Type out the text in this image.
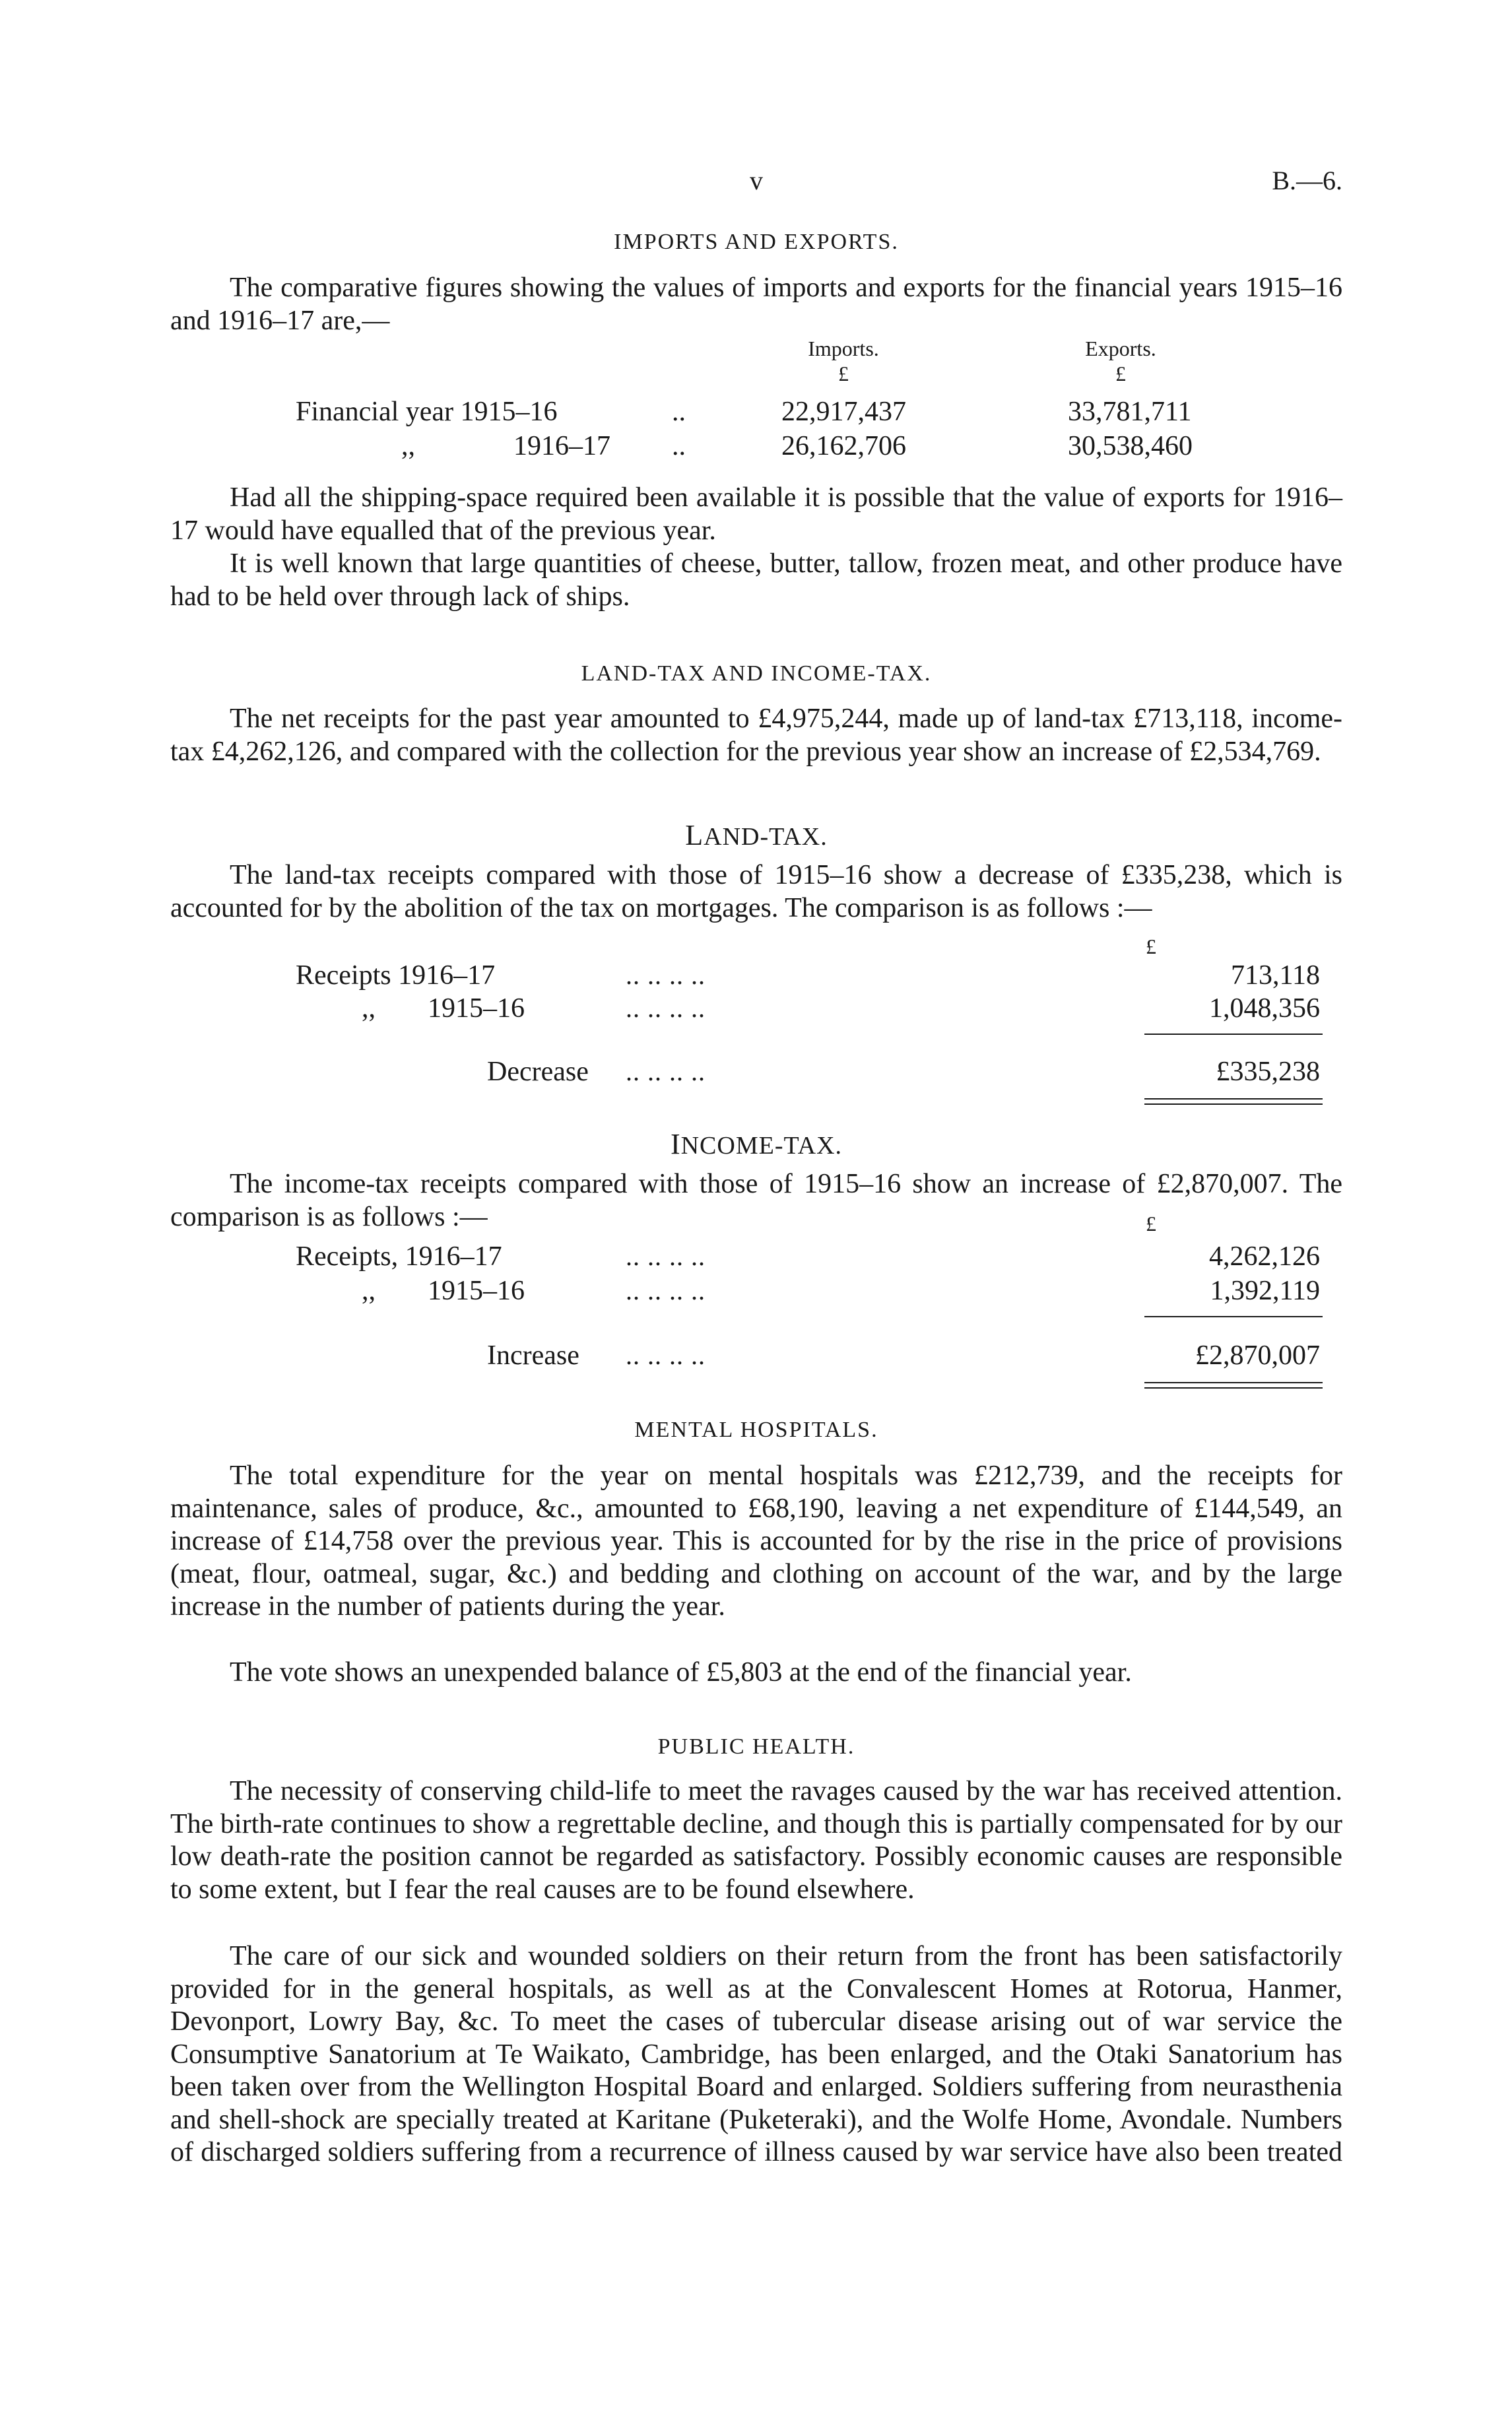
v	B.—6.
IMPORTS AND EXPORTS.
The comparative figures showing the values of imports and exports for the financial years 1915–16 and 1916–17 are,—
Imports.	Exports.
£	£
Financial year 1915–16	..	22,917,437	33,781,711
,,	1916–17 ..	26,162,706	30,538,460
Had all the shipping-space required been available it is possible that the value of exports for 1916–17 would have equalled that of the previous year.
It is well known that large quantities of cheese, butter, tallow, frozen meat, and other produce have had to be held over through lack of ships.
LAND-TAX AND INCOME-TAX.
The net receipts for the past year amounted to £4,975,244, made up of land-tax £713,118, income-tax £4,262,126, and compared with the collection for the previous year show an increase of £2,534,769.
LAND-TAX.
The land-tax receipts compared with those of 1915–16 show a decrease of £335,238, which is accounted for by the abolition of the tax on mortgages. The comparison is as follows :—
£
Receipts 1916–17	.. .. .. ..	713,118
,, 1915–16	.. .. .. ..	1,048,356
Decrease .. .. .. ..	£335,238
INCOME-TAX.
The income-tax receipts compared with those of 1915–16 show an increase of £2,870,007. The comparison is as follows :—	£
Receipts, 1916–17	.. .. .. ..	4,262,126
,, 1915–16	.. .. .. ..	1,392,119
Increase .. .. .. ..	£2,870,007
MENTAL HOSPITALS.
The total expenditure for the year on mental hospitals was £212,739, and the receipts for maintenance, sales of produce, &c., amounted to £68,190, leaving a net expenditure of £144,549, an increase of £14,758 over the previous year. This is accounted for by the rise in the price of provisions (meat, flour, oatmeal, sugar, &c.) and bedding and clothing on account of the war, and by the large increase in the number of patients during the year.
The vote shows an unexpended balance of £5,803 at the end of the financial year.
PUBLIC HEALTH.
The necessity of conserving child-life to meet the ravages caused by the war has received attention. The birth-rate continues to show a regrettable decline, and though this is partially compensated for by our low death-rate the position cannot be regarded as satisfactory. Possibly economic causes are responsible to some extent, but I fear the real causes are to be found elsewhere.
The care of our sick and wounded soldiers on their return from the front has been satisfactorily provided for in the general hospitals, as well as at the Convalescent Homes at Rotorua, Hanmer, Devonport, Lowry Bay, &c. To meet the cases of tubercular disease arising out of war service the Consumptive Sanatorium at Te Waikato, Cambridge, has been enlarged, and the Otaki Sanatorium has been taken over from the Wellington Hospital Board and enlarged. Soldiers suffering from neurasthenia and shell-shock are specially treated at Karitane (Puketeraki), and the Wolfe Home, Avondale. Numbers of discharged soldiers suffering from a recurrence of illness caused by war service have also been treated
